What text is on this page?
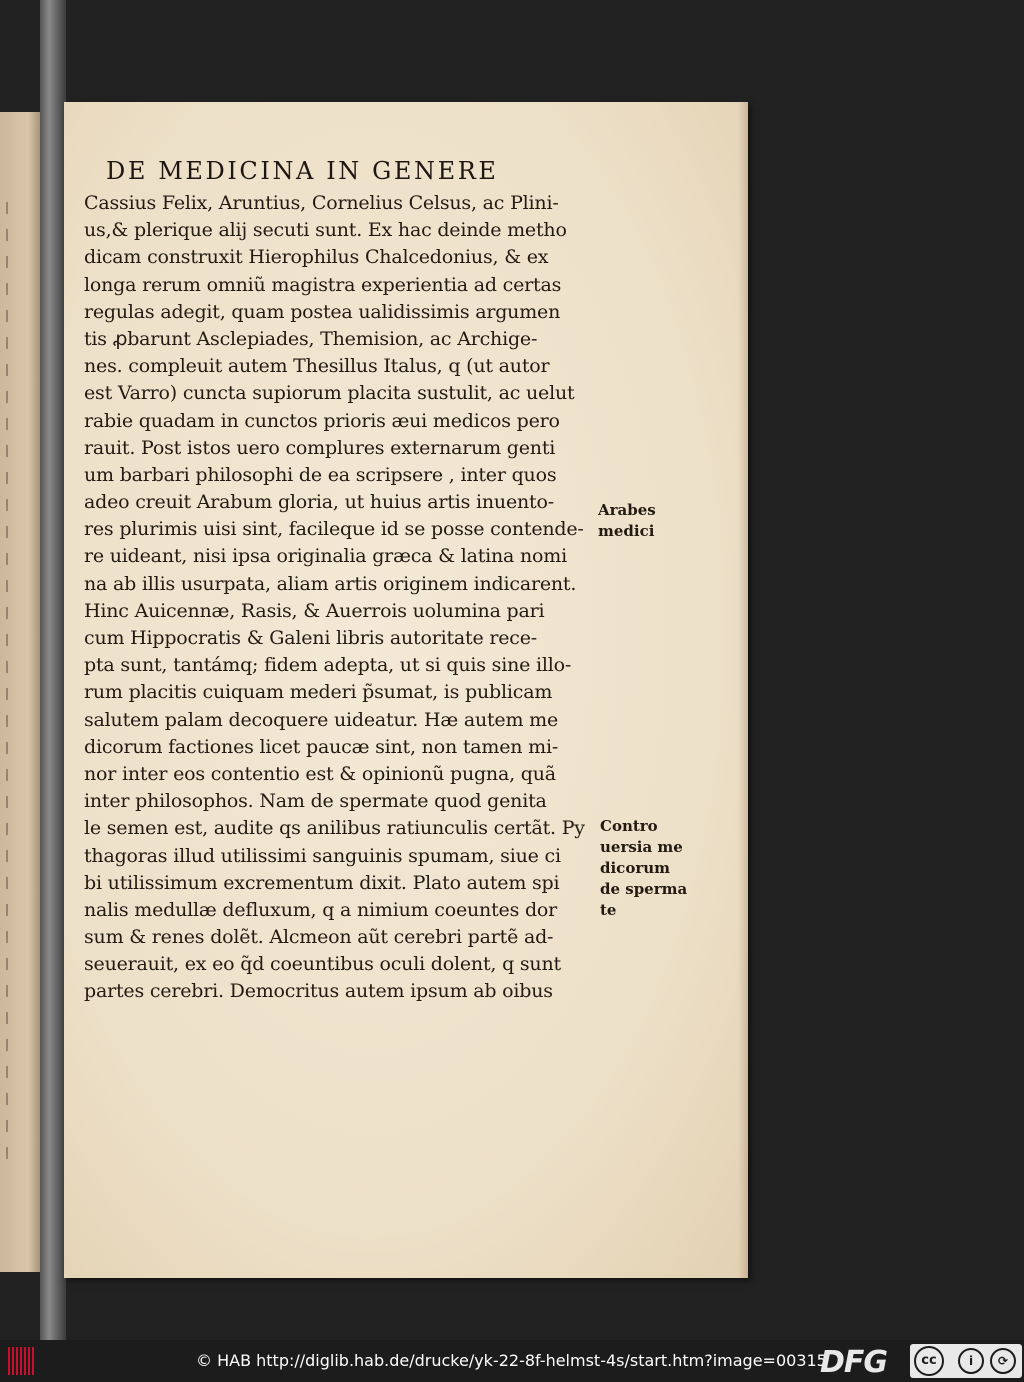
DE MEDICINA IN GENERE
Cassius Felix, Aruntius, Cornelius Celsus, ac Plini-
us,& plerique alij secuti sunt. Ex hac deinde metho
dicam construxit Hierophilus Chalcedonius, & ex
longa rerum omniũ magistra experientia ad certas
regulas adegit, quam postea ualidissimis argumen
tis ꝓbarunt Asclepiades, Themision, ac Archige-
nes. compleuit autem Thesillus Italus, q (ut autor
est Varro) cuncta supiorum placita sustulit, ac uelut
rabie quadam in cunctos prioris æui medicos pero
rauit. Post istos uero complures externarum genti
um barbari philosophi de ea scripsere , inter quos
adeo creuit Arabum gloria, ut huius artis inuento-
res plurimis uisi sint, facileque id se posse contende-
re uideant, nisi ipsa originalia græca & latina nomi
na ab illis usurpata, aliam artis originem indicarent.
Hinc Auicennæ, Rasis, & Auerrois uolumina pari
cum Hippocratis & Galeni libris autoritate rece-
pta sunt, tantámq; fidem adepta, ut si quis sine illo-
rum placitis cuiquam mederi p̃sumat, is publicam
salutem palam decoquere uideatur. Hæ autem me
dicorum factiones licet paucæ sint, non tamen mi-
nor inter eos contentio est & opinionũ pugna, quã
inter philosophos. Nam de spermate quod genita
le semen est, audite qs anilibus ratiunculis certãt. Py
thagoras illud utilissimi sanguinis spumam, siue ci
bi utilissimum excrementum dixit. Plato autem spi
nalis medullæ defluxum, q a nimium coeuntes dor
sum & renes dolẽt. Alcmeon aũt cerebri partẽ ad-
seuerauit, ex eo q̃d coeuntibus oculi dolent, q sunt
partes cerebri. Democritus autem ipsum ab oibus
Arabes
medici
Contro
uersia me
dicorum
de sperma
te
© HAB http://diglib.hab.de/drucke/yk-22-8f-helmst-4s/start.htm?image=00315
DFG	cc	i	⟳
